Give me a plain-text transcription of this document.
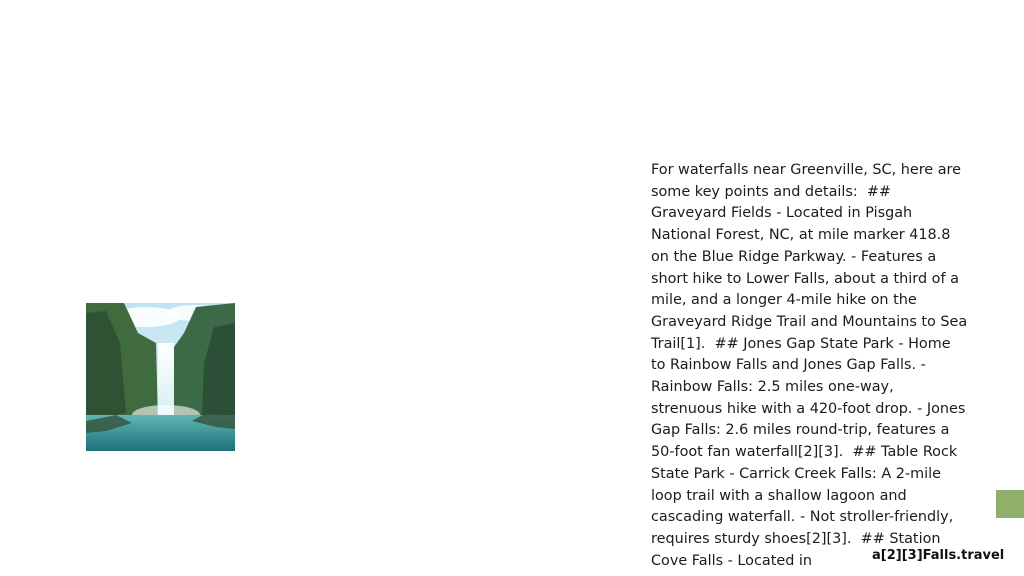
For waterfalls near Greenville, SC, here are some key points and details:  ## Graveyard Fields - Located in Pisgah National Forest, NC, at mile marker 418.8 on the Blue Ridge Parkway. - Features a short hike to Lower Falls, about a third of a mile, and a longer 4-mile hike on the Graveyard Ridge Trail and Mountains to Sea Trail[1].  ## Jones Gap State Park - Home to Rainbow Falls and Jones Gap Falls. - Rainbow Falls: 2.5 miles one-way, strenuous hike with a 420-foot drop. - Jones Gap Falls: 2.6 miles round-trip, features a 50-foot fan waterfall[2][3].  ## Table Rock State Park - Carrick Creek Falls: A 2-mile loop trail with a shallow lagoon and cascading waterfall. - Not stroller-friendly, requires sturdy shoes[2][3].  ## Station Cove Falls - Located in	a[2][3]Falls.travel
